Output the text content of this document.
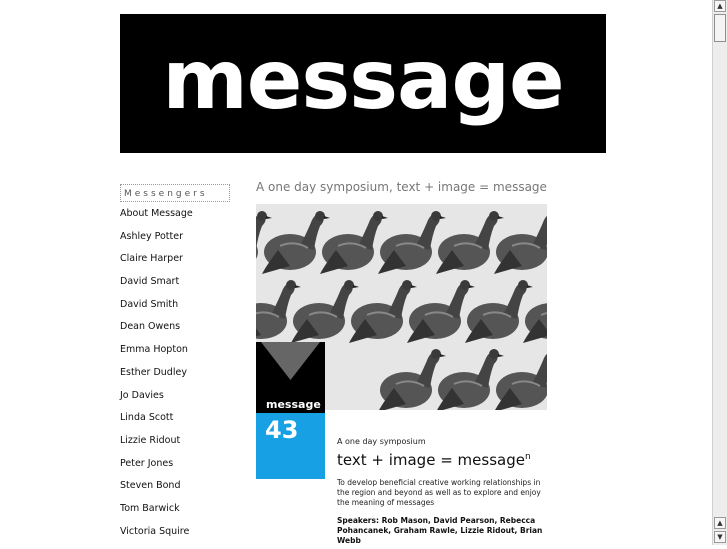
message
Messengers
About Message
Ashley Potter
Claire Harper
David Smart
David Smith
Dean Owens
Emma Hopton
Esther Dudley
Jo Davies
Linda Scott
Lizzie Ridout
Peter Jones
Steven Bond
Tom Barwick
Victoria Squire
A one day symposium, text + image = message
message
43	A one day symposium
text + image = message$^n$
To develop beneficial creative working relationships in the region and beyond as well as to explore and enjoy the meaning of messages
Speakers: Rob Mason, David Pearson, Rebecca Pohancanek, Graham Rawle, Lizzie Ridout, Brian Webb
▲
▲
▼
